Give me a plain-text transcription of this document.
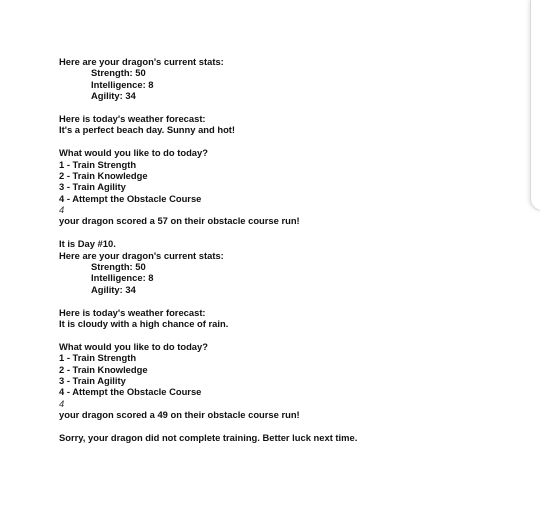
Here are your dragon's current stats:
Strength: 50
Intelligence: 8
Agility: 34
Here is today's weather forecast:
It's a perfect beach day. Sunny and hot!
What would you like to do today?
1 - Train Strength
2 - Train Knowledge
3 - Train Agility
4 - Attempt the Obstacle Course
4
your dragon scored a 57 on their obstacle course run!
It is Day #10.
Here are your dragon's current stats:
Strength: 50
Intelligence: 8
Agility: 34
Here is today's weather forecast:
It is cloudy with a high chance of rain.
What would you like to do today?
1 - Train Strength
2 - Train Knowledge
3 - Train Agility
4 - Attempt the Obstacle Course
4
your dragon scored a 49 on their obstacle course run!
Sorry, your dragon did not complete training. Better luck next time.
